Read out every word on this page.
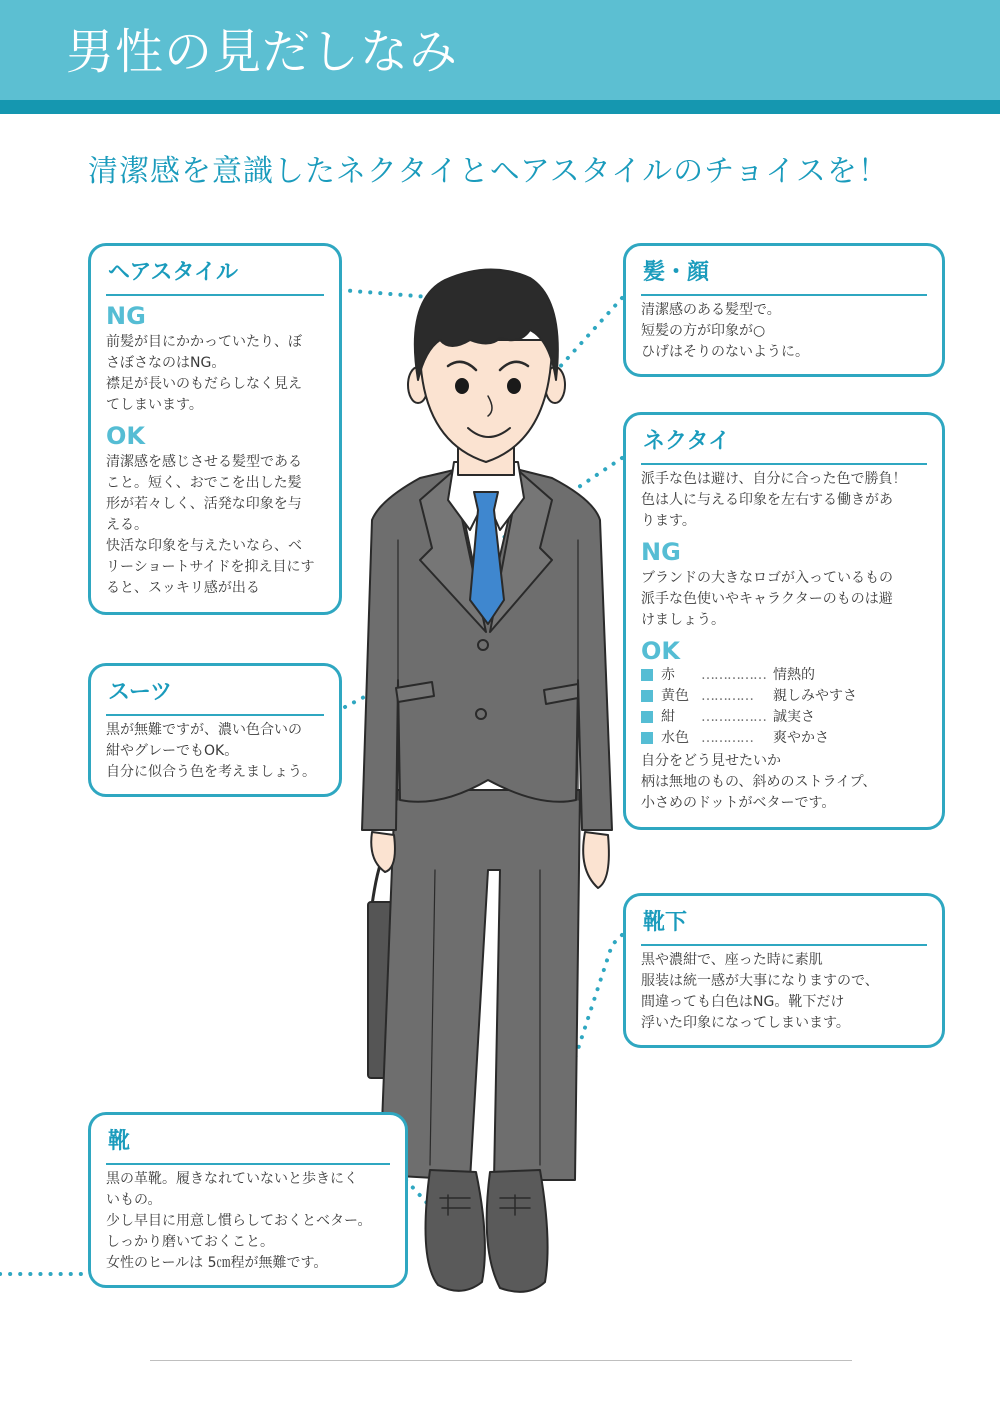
男性の見だしなみ
清潔感を意識したネクタイとヘアスタイルのチョイスを！
ヘアスタイル
NG
前髪が目にかかっていたり、ぼ
さぼさなのはNG。
襟足が長いのもだらしなく見え
てしまいます。
OK
清潔感を感じさせる髪型である
こと。短く、おでこを出した髪
形が若々しく、活発な印象を与
える。
快活な印象を与えたいなら、ベ
リーショートサイドを抑え目にす
ると、スッキリ感が出る
スーツ
黒が無難ですが、濃い色合いの
紺やグレーでもOK。
自分に似合う色を考えましょう。
靴
黒の革靴。履きなれていないと歩きにく
いもの。
少し早目に用意し慣らしておくとベター。
しっかり磨いておくこと。
女性のヒールは 5㎝程が無難です。
髪・顔
清潔感のある髪型で。
短髪の方が印象が○
ひげはそりのないように。
ネクタイ
派手な色は避け、自分に合った色で勝負！
色は人に与える印象を左右する働きがあ
ります。
NG
ブランドの大きなロゴが入っているもの
派手な色使いやキャラクターのものは避
けましょう。
OK
赤	…………… 情熱的
黄色 …………	親しみやすさ
紺	…………… 誠実さ
水色 …………	爽やかさ
自分をどう見せたいか
柄は無地のもの、斜めのストライプ、
小さめのドットがベターです。
靴下
黒や濃紺で、座った時に素肌
服装は統一感が大事になりますので、
間違っても白色はNG。靴下だけ
浮いた印象になってしまいます。
